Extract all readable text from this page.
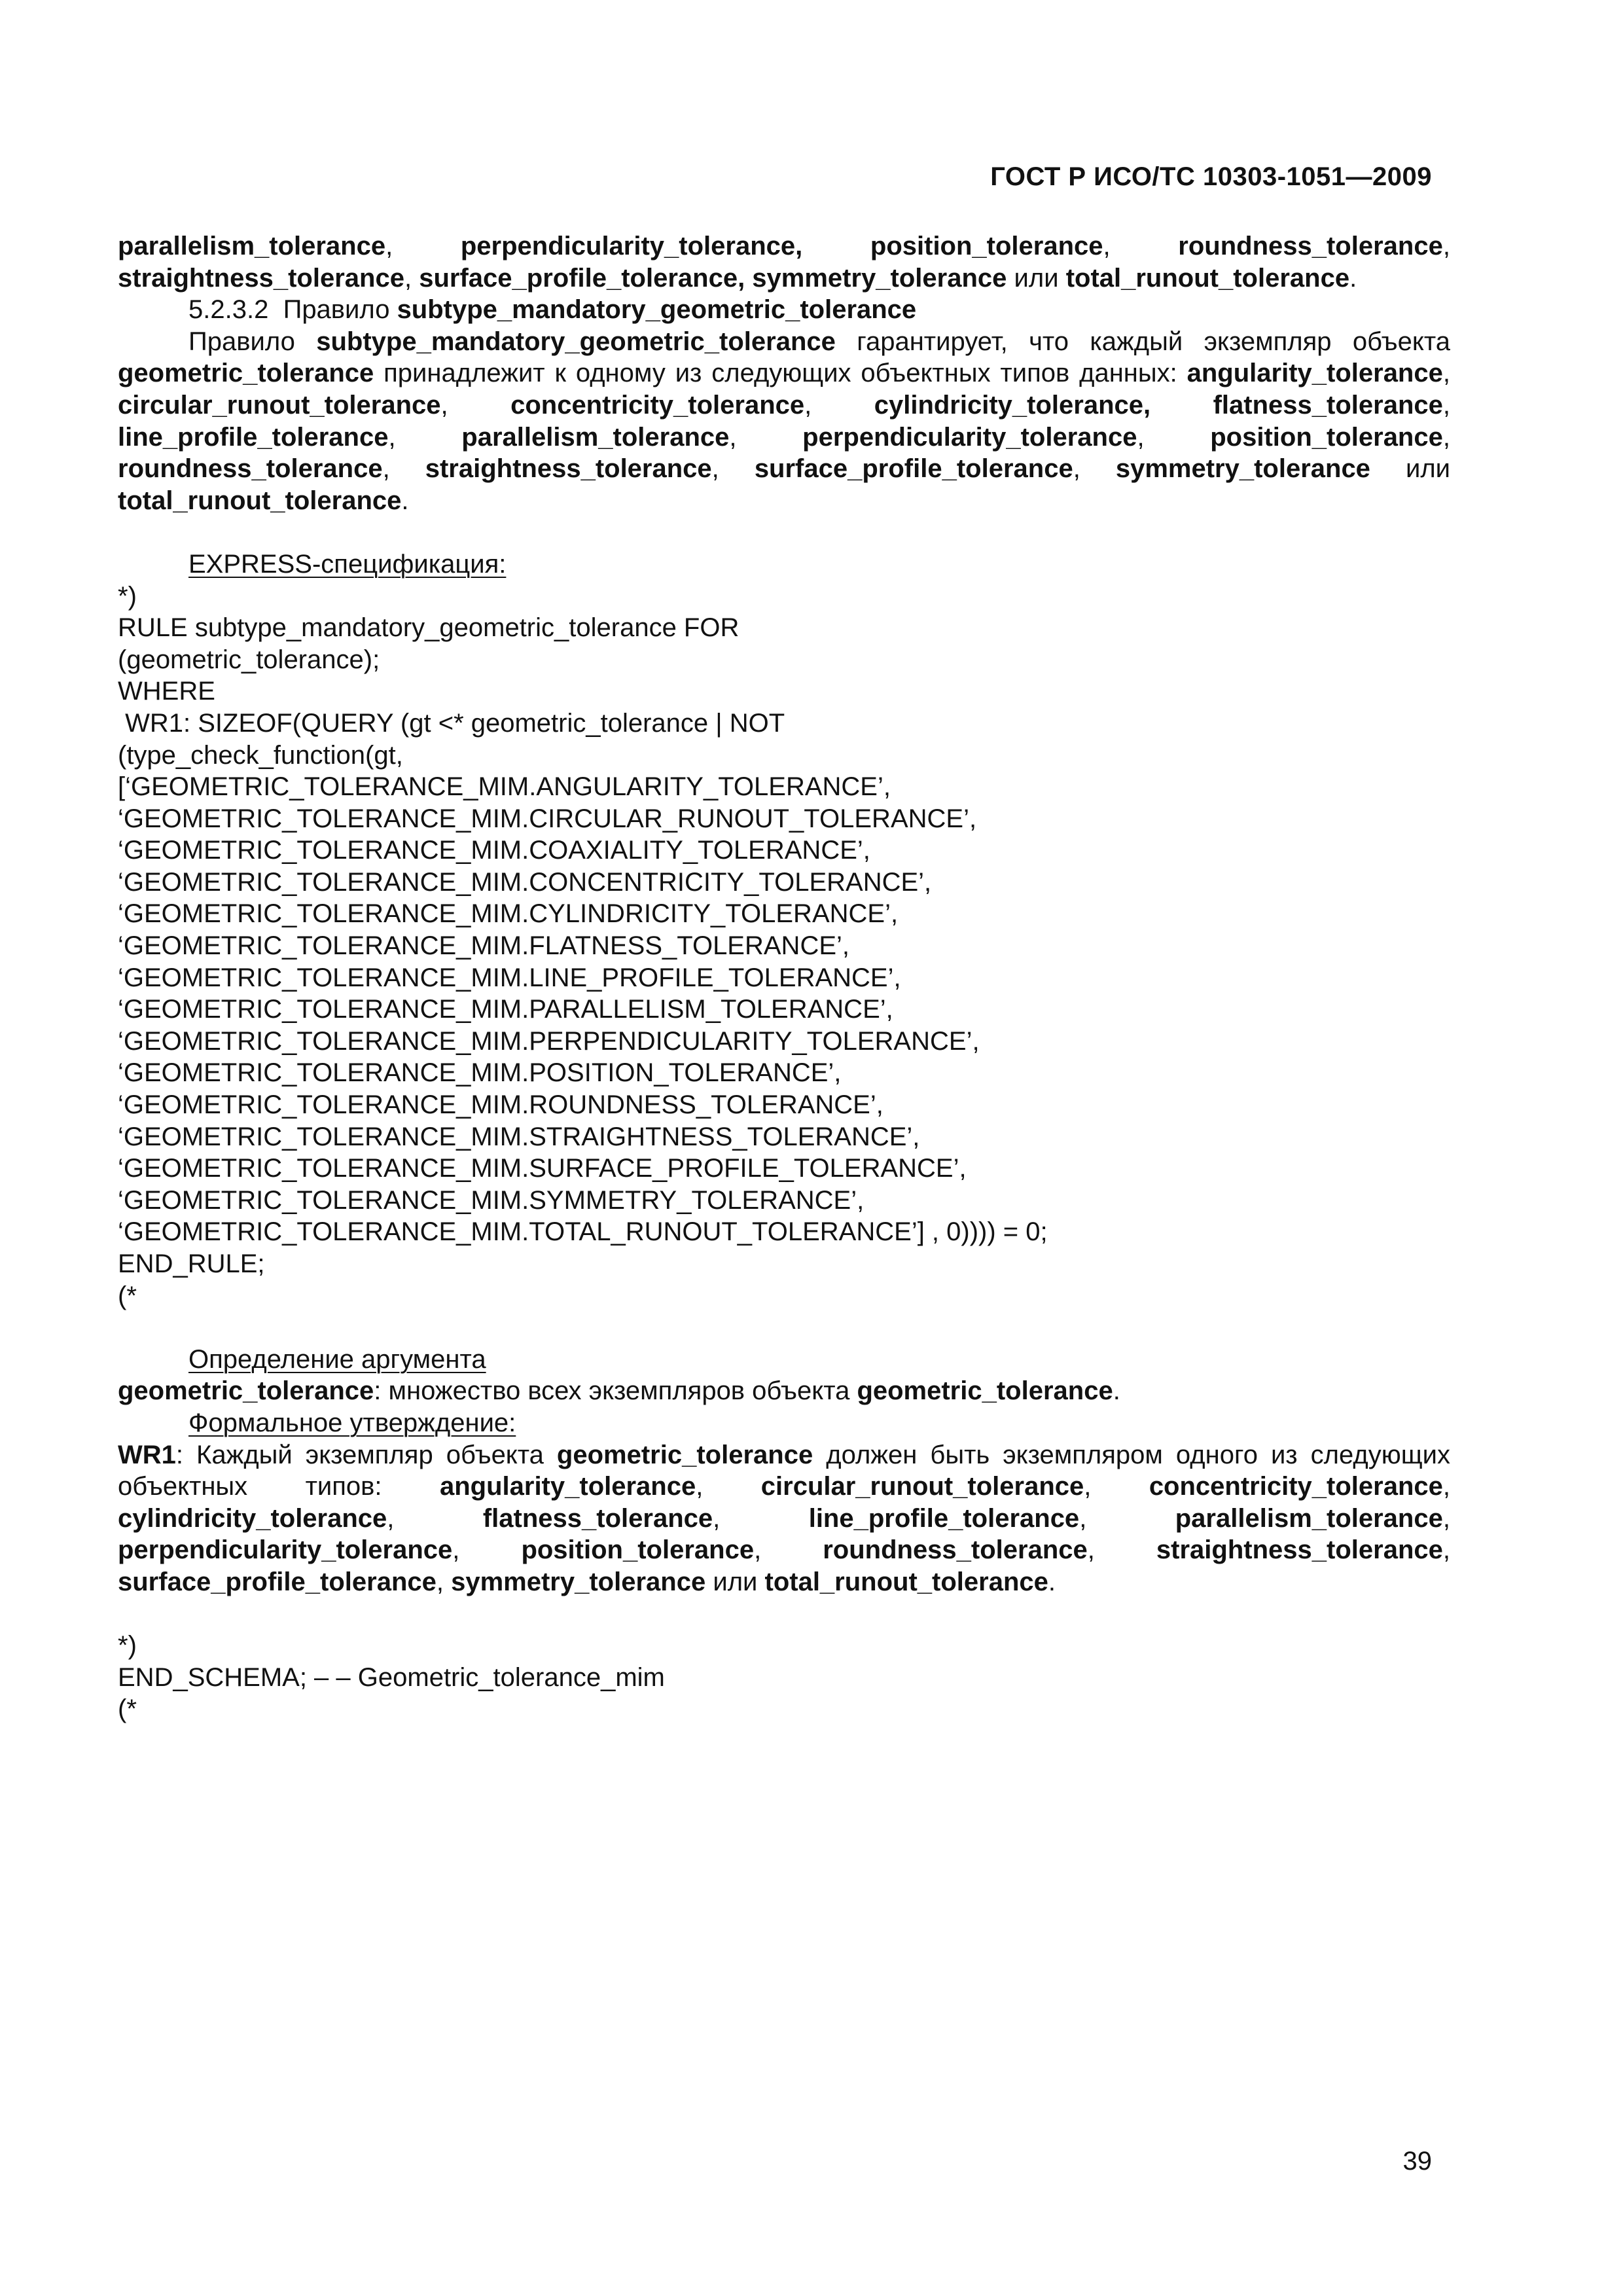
ГОСТ Р ИСО/ТС 10303-1051—2009

parallelism_tolerance,	perpendicularity_tolerance,	position_tolerance,	roundness_tolerance, straightness_tolerance, surface_profile_tolerance, symmetry_tolerance или total_runout_tolerance.

5.2.3.2 Правило subtype_mandatory_geometric_tolerance

Правило subtype_mandatory_geometric_tolerance гарантирует, что каждый экземпляр объекта geometric_tolerance принадлежит к одному из следующих объектных типов данных: angularity_tolerance, circular_runout_tolerance, concentricity_tolerance, cylindricity_tolerance, flatness_tolerance, line_profile_tolerance, parallelism_tolerance, perpendicularity_tolerance, position_tolerance, roundness_tolerance, straightness_tolerance, surface_profile_tolerance, symmetry_tolerance или total_runout_tolerance.

EXPRESS-спецификация:

*)

RULE subtype_mandatory_geometric_tolerance FOR

(geometric_tolerance);

WHERE

WR1: SIZEOF(QUERY (gt <* geometric_tolerance | NOT

(type_check_function(gt,

[‘GEOMETRIC_TOLERANCE_MIM.ANGULARITY_TOLERANCE’,

‘GEOMETRIC_TOLERANCE_MIM.CIRCULAR_RUNOUT_TOLERANCE’,

‘GEOMETRIC_TOLERANCE_MIM.COAXIALITY_TOLERANCE’,

‘GEOMETRIC_TOLERANCE_MIM.CONCENTRICITY_TOLERANCE’,

‘GEOMETRIC_TOLERANCE_MIM.CYLINDRICITY_TOLERANCE’,

‘GEOMETRIC_TOLERANCE_MIM.FLATNESS_TOLERANCE’,

‘GEOMETRIC_TOLERANCE_MIM.LINE_PROFILE_TOLERANCE’,

‘GEOMETRIC_TOLERANCE_MIM.PARALLELISM_TOLERANCE’,

‘GEOMETRIC_TOLERANCE_MIM.PERPENDICULARITY_TOLERANCE’,

‘GEOMETRIC_TOLERANCE_MIM.POSITION_TOLERANCE’,

‘GEOMETRIC_TOLERANCE_MIM.ROUNDNESS_TOLERANCE’,

‘GEOMETRIC_TOLERANCE_MIM.STRAIGHTNESS_TOLERANCE’,

‘GEOMETRIC_TOLERANCE_MIM.SURFACE_PROFILE_TOLERANCE’,

‘GEOMETRIC_TOLERANCE_MIM.SYMMETRY_TOLERANCE’,

‘GEOMETRIC_TOLERANCE_MIM.TOTAL_RUNOUT_TOLERANCE’] , 0)))) = 0;

END_RULE;

(*

Определение аргумента

geometric_tolerance: множество всех экземпляров объекта geometric_tolerance.

Формальное утверждение:

WR1: Каждый экземпляр объекта geometric_tolerance должен быть экземпляром одного из следующих объектных типов: angularity_tolerance, circular_runout_tolerance, concentricity_tolerance, cylindricity_tolerance, flatness_tolerance, line_profile_tolerance, parallelism_tolerance, perpendicularity_tolerance, position_tolerance, roundness_tolerance, straightness_tolerance, surface_profile_tolerance, symmetry_tolerance или total_runout_tolerance.

*)

END_SCHEMA; – – Geometric_tolerance_mim

(*

39
